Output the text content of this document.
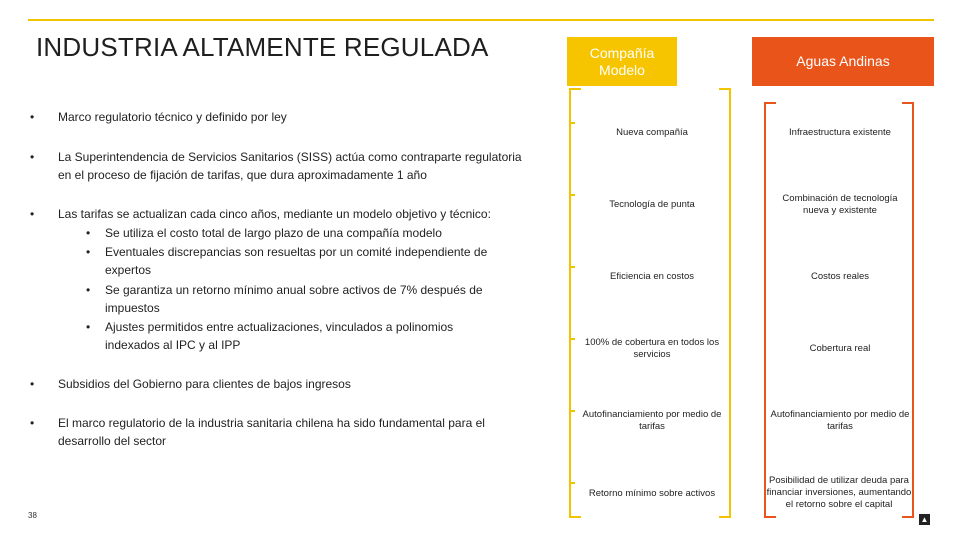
INDUSTRIA ALTAMENTE REGULADA
• Marco regulatorio técnico y definido por ley
• La Superintendencia de Servicios Sanitarios (SISS) actúa como contraparte regulatoria en el proceso de fijación de tarifas, que dura aproximadamente 1 año
• Las tarifas se actualizan cada cinco años, mediante un modelo objetivo y técnico:
• Se utiliza el costo total de largo plazo de una compañía modelo
• Eventuales discrepancias son resueltas por un comité independiente de expertos
• Se garantiza un retorno mínimo anual sobre activos de 7% después de impuestos
• Ajustes permitidos entre actualizaciones, vinculados a polinomios indexados al IPC y al IPP
• Subsidios del Gobierno para clientes de bajos ingresos
• El marco regulatorio de la industria sanitaria chilena ha sido fundamental para el desarrollo del sector
38
Compañía Modelo
Aguas Andinas
Nueva compañía
Tecnología de punta
Eficiencia en costos
100% de cobertura en todos los servicios
Autofinanciamiento por medio de tarifas
Retorno mínimo sobre activos
Infraestructura existente
Combinación de tecnología nueva y existente
Costos reales
Cobertura real
Autofinanciamiento por medio de tarifas
Posibilidad de utilizar deuda para financiar inversiones, aumentando el retorno sobre el capital
▲
